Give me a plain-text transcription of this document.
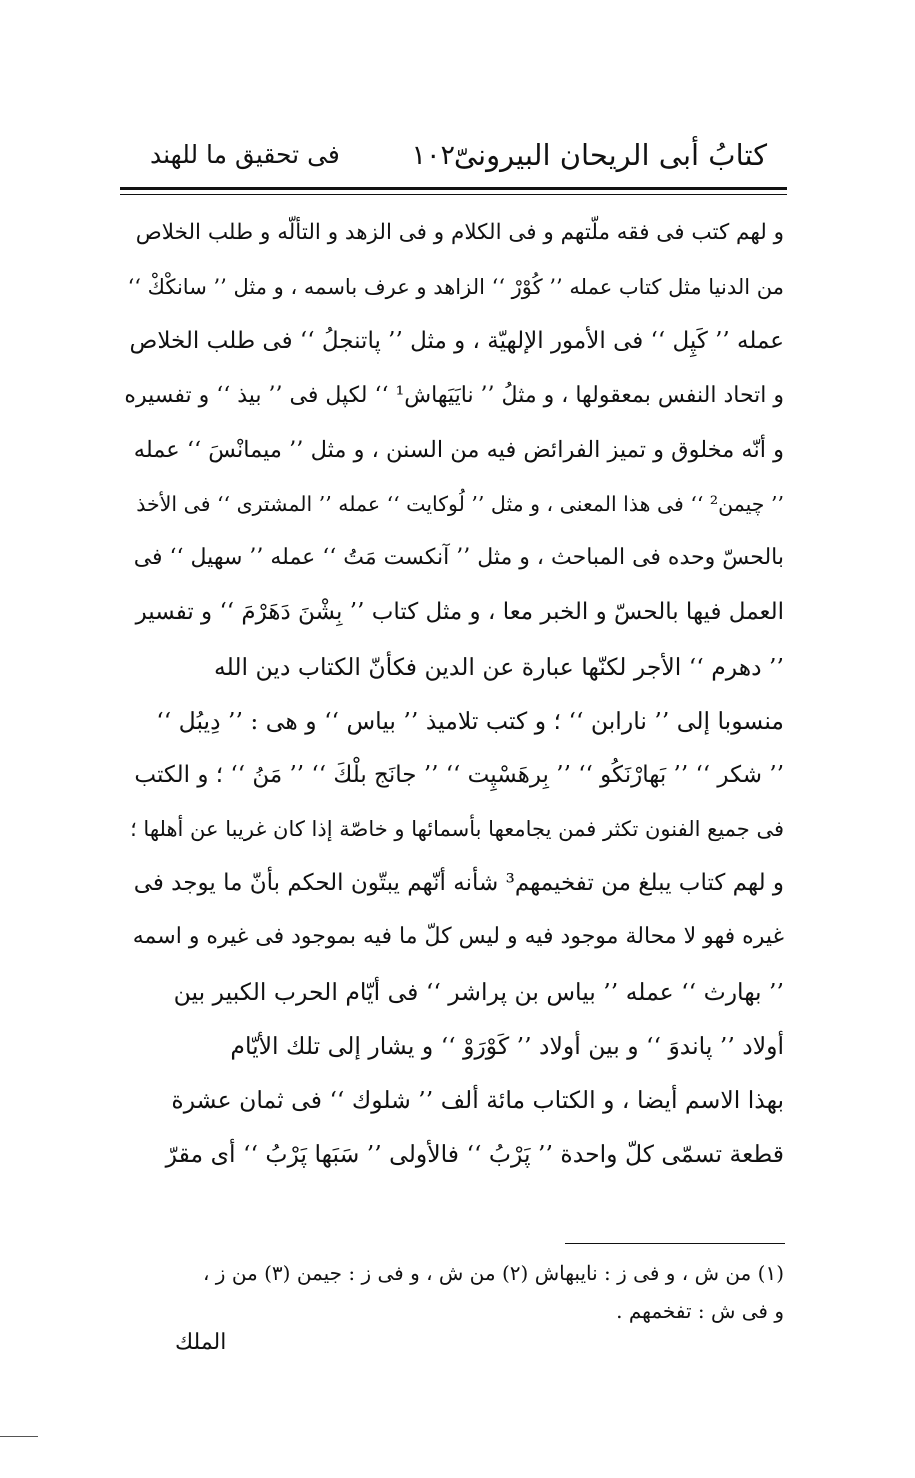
كتابُ أبى الريحان البيرونىّ
١٠٢
فى تحقيق ما للهند
و لهم كتب فى فقه ملّتهم و فى الكلام و فى الزهد و التألّه و طلب الخلاص
من الدنيا مثل كتاب عمله ’’ كُوْرْ ‘‘ الزاهد و عرف باسمه ، و مثل ’’ سانكْكْ ‘‘
عمله ’’ كَپِل ‘‘ فى الأمور الإلهيّة ، و مثل ’’ پاتنجلُ ‘‘ فى طلب الخلاص
و اتحاد النفس بمعقولها ، و مثلُ ’’ نايَيَهاش¹ ‘‘ لكپل فى ’’ بيذ ‘‘ و تفسيره
و أنّه مخلوق و تميز الفرائض فيه من السنن ، و مثل ’’ ميمانْسَ ‘‘ عمله
’’ چيمن² ‘‘ فى هذا المعنى ، و مثل ’’ لُوكايت ‘‘ عمله ’’ المشترى ‘‘ فى الأخذ
بالحسّ وحده فى المباحث ، و مثل ’’ آنكست مَتُ ‘‘ عمله ’’ سهيل ‘‘ فى
العمل فيها بالحسّ و الخبر معا ، و مثل كتاب ’’ بِشْنَ دَهَرْمَ ‘‘ و تفسير
’’ دهرم ‘‘ الأجر لكنّها عبارة عن الدين فكأنّ الكتاب دين الله
منسوبا إلى ’’ نارابن ‘‘ ؛ و كتب تلاميذ ’’ بياس ‘‘ و هى : ’’ دِيبُل ‘‘
’’ شكر ‘‘ ’’ بَهارْنَكُو ‘‘ ’’ بِرهَسْپِت ‘‘ ’’ جانَج بلْكَ ‘‘ ’’ مَنُ ‘‘ ؛ و الكتب
فى جميع الفنون تكثر فمن يجامعها بأسمائها و خاصّة إذا كان غريبا عن أهلها ؛
و لهم كتاب يبلغ من تفخيمهم³ شأنه أنّهم يبتّون الحكم بأنّ ما يوجد فى
غيره فهو لا محالة موجود فيه و ليس كلّ ما فيه بموجود فى غيره و اسمه
’’ بهارث ‘‘ عمله ’’ بياس بن پراشر ‘‘ فى أيّام الحرب الكبير بين
أولاد ’’ پاندوَ ‘‘ و بين أولاد ’’ كَوْرَوْ ‘‘ و يشار إلى تلك الأيّام
بهذا الاسم أيضا ، و الكتاب مائة ألف ’’ شلوك ‘‘ فى ثمان عشرة
قطعة تسمّى كلّ واحدة ’’ پَرْبُ ‘‘ فالأولى ’’ سَبَها پَرْبُ ‘‘ أى مقرّ
(١) من ش ، و فى ز : نايبهاش (٢) من ش ، و فى ز : جيمن (٣) من ز ،
و فى ش : تفخمهم .
الملك
